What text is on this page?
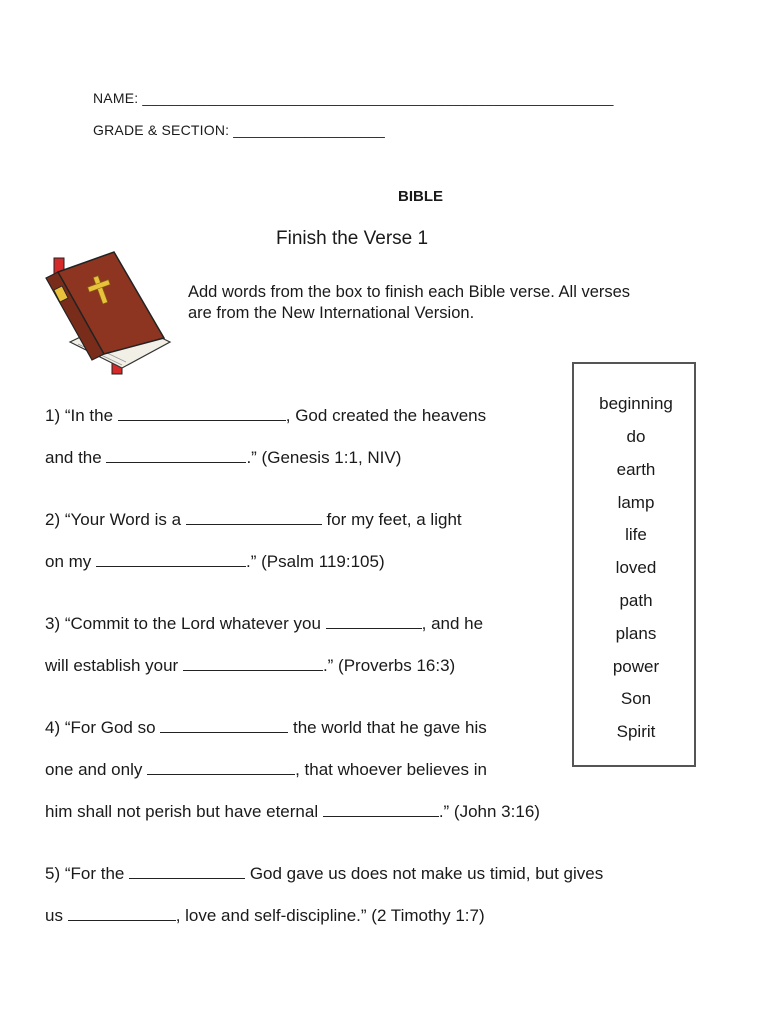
NAME: ___________________________________________________________
GRADE & SECTION: ___________________
BIBLE
Finish the Verse 1
Add words from the box to finish each Bible verse. All verses are from the New International Version.
beginning
do
earth
lamp
life
loved
path
plans
power
Son
Spirit
1) “In the	, God created the heavens
and the	.” (Genesis 1:1, NIV)
2) “Your Word is a	for my feet, a light
on my	.” (Psalm 119:105)
3) “Commit to the Lord whatever you	, and he
will establish your	.” (Proverbs 16:3)
4) “For God so	the world that he gave his
one and only	, that whoever believes in
him shall not perish but have eternal	.” (John 3:16)
5) “For the	God gave us does not make us timid, but gives
us	, love and self-discipline.” (2 Timothy 1:7)
